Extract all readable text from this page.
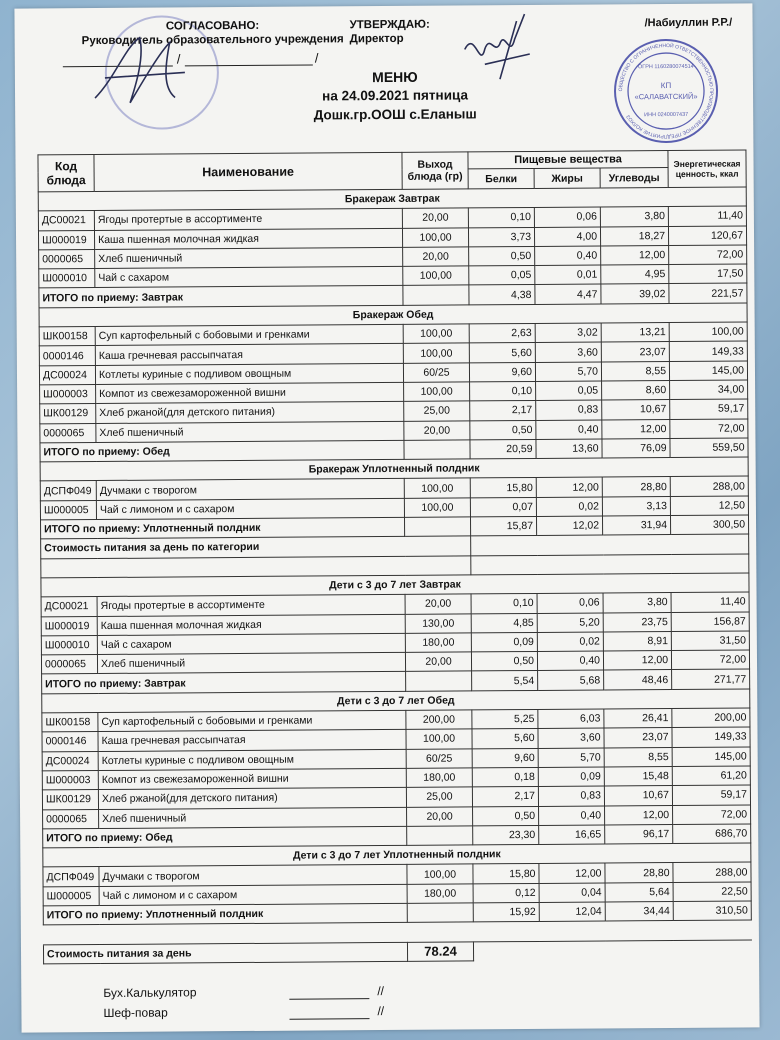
СОГЛАСОВАНО:
Руководитель образовательного учреждения
/	/
УТВЕРЖДАЮ:
Директор
/Набиуллин Р.Р./
ОБЩЕСТВО С ОГРАНИЧЕННОЙ ОТВЕТСТВЕННОСТЬЮ ПРОИЗВОДСТВЕННОЕ ПРЕДПРИЯТИЕ КОЛХОЗ
ОГРН 1160280074514
КП
«САЛАВАТСКИЙ»
ИНН 0240007437
МЕНЮ
на 24.09.2021 пятница
Дошк.гр.ООШ с.Еланыш
Код блюда	Наименование	Выход блюда (гр)	Пищевые вещества			Энергетическая ценность, ккал
			Белки	Жиры	Углеводы	
Бракераж Завтрак						
ДС00021	Ягоды протертые в ассортименте	20,00	0,10	0,06	3,80	11,40
Ш000019	Каша пшенная молочная жидкая	100,00	3,73	4,00	18,27	120,67
0000065	Хлеб пшеничный	20,00	0,50	0,40	12,00	72,00
Ш000010	Чай с сахаром	100,00	0,05	0,01	4,95	17,50
ИТОГО по приему: Завтрак			4,38	4,47	39,02	221,57
Бракераж Обед						
ШК00158	Суп картофельный с бобовыми и гренками	100,00	2,63	3,02	13,21	100,00
0000146	Каша гречневая рассыпчатая	100,00	5,60	3,60	23,07	149,33
ДС00024	Котлеты куриные с подливом овощным	60/25	9,60	5,70	8,55	145,00
Ш000003	Компот из свежезамороженной вишни	100,00	0,10	0,05	8,60	34,00
ШК00129	Хлеб ржаной(для детского питания)	25,00	2,17	0,83	10,67	59,17
0000065	Хлеб пшеничный	20,00	0,50	0,40	12,00	72,00
ИТОГО по приему: Обед			20,59	13,60	76,09	559,50
Бракераж Уплотненный полдник						
ДСПФ049	Дучмаки с творогом	100,00	15,80	12,00	28,80	288,00
Ш000005	Чай с лимоном и с сахаром	100,00	0,07	0,02	3,13	12,50
ИТОГО по приему: Уплотненный полдник			15,87	12,02	31,94	300,50
Стоимость питания за день по категории						

Дети с 3 до 7 лет Завтрак						
ДС00021	Ягоды протертые в ассортименте	20,00	0,10	0,06	3,80	11,40
Ш000019	Каша пшенная молочная жидкая	130,00	4,85	5,20	23,75	156,87
Ш000010	Чай с сахаром	180,00	0,09	0,02	8,91	31,50
0000065	Хлеб пшеничный	20,00	0,50	0,40	12,00	72,00
ИТОГО по приему: Завтрак			5,54	5,68	48,46	271,77
Дети с 3 до 7 лет Обед						
ШК00158	Суп картофельный с бобовыми и гренками	200,00	5,25	6,03	26,41	200,00
0000146	Каша гречневая рассыпчатая	100,00	5,60	3,60	23,07	149,33
ДС00024	Котлеты куриные с подливом овощным	60/25	9,60	5,70	8,55	145,00
Ш000003	Компот из свежезамороженной вишни	180,00	0,18	0,09	15,48	61,20
ШК00129	Хлеб ржаной(для детского питания)	25,00	2,17	0,83	10,67	59,17
0000065	Хлеб пшеничный	20,00	0,50	0,40	12,00	72,00
ИТОГО по приему: Обед			23,30	16,65	96,17	686,70
Дети с 3 до 7 лет Уплотненный полдник						
ДСПФ049	Дучмаки с творогом	100,00	15,80	12,00	28,80	288,00
Ш000005	Чай с лимоном и с сахаром	180,00	0,12	0,04	5,64	22,50
ИТОГО по приему: Уплотненный полдник			15,92	12,04	34,44	310,50

Стоимость питания за день		78.24				
Бух.Калькулятор	//
Шеф-повар	//
